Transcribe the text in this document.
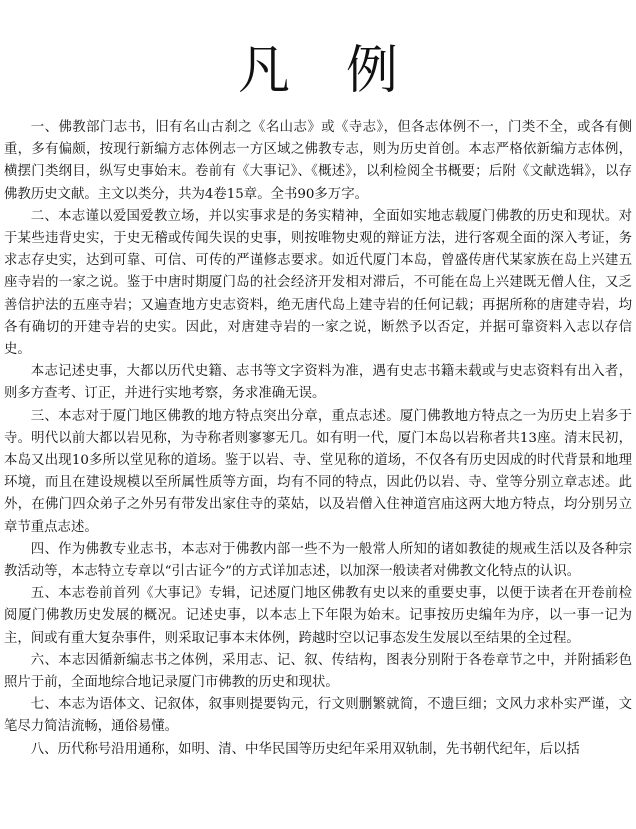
凡例

一、佛教部门志书，旧有名山古刹之《名山志》或《寺志》，但各志体例不一，门类不全，或各有侧重，多有偏颇，按现行新编方志体例志一方区域之佛教专志，则为历史首创。本志严格依新编方志体例，横摆门类纲目，纵写史事始末。卷前有《大事记》、《概述》，以利检阅全书概要；后附《文献选辑》，以存佛教历史文献。主文以类分，共为4卷15章。全书90多万字。

二、本志谨以爱国爱教立场，并以实事求是的务实精神，全面如实地志载厦门佛教的历史和现状。对于某些违背史实，于史无稽或传闻失误的史事，则按唯物史观的辩证方法，进行客观全面的深入考证，务求志存史实，达到可靠、可信、可传的严谨修志要求。如近代厦门本岛，曾盛传唐代某家族在岛上兴建五座寺岩的一家之说。鉴于中唐时期厦门岛的社会经济开发相对滞后，不可能在岛上兴建既无僧人住，又乏善信护法的五座寺岩；又遍查地方史志资料，绝无唐代岛上建寺岩的任何记载；再据所称的唐建寺岩，均各有确切的开建寺岩的史实。因此，对唐建寺岩的一家之说，断然予以否定，并据可靠资料入志以存信史。

本志记述史事，大都以历代史籍、志书等文字资料为准，遇有史志书籍未载或与史志资料有出入者，则多方查考、订正，并进行实地考察，务求准确无误。

三、本志对于厦门地区佛教的地方特点突出分章，重点志述。厦门佛教地方特点之一为历史上岩多于寺。明代以前大都以岩见称，为寺称者则寥寥无几。如有明一代，厦门本岛以岩称者共13座。清末民初，本岛又出现10多所以堂见称的道场。鉴于以岩、寺、堂见称的道场，不仅各有历史因成的时代背景和地理环境，而且在建设规模以至所属性质等方面，均有不同的特点，因此仍以岩、寺、堂等分别立章志述。此外，在佛门四众弟子之外另有带发出家住寺的菜姑，以及岩僧入住神道宫庙这两大地方特点，均分别另立章节重点志述。

四、作为佛教专业志书，本志对于佛教内部一些不为一般常人所知的诸如教徒的规戒生活以及各种宗教活动等，本志特立专章以“引古证今”的方式详加志述，以加深一般读者对佛教文化特点的认识。

五、本志卷前首列《大事记》专辑，记述厦门地区佛教有史以来的重要史事，以便于读者在开卷前检阅厦门佛教历史发展的概况。记述史事，以本志上下年限为始末。记事按历史编年为序，以一事一记为主，间或有重大复杂事件，则采取记事本末体例，跨越时空以记事态发生发展以至结果的全过程。

六、本志因循新编志书之体例，采用志、记、叙、传结构，图表分别附于各卷章节之中，并附插彩色照片于前，全面地综合地记录厦门市佛教的历史和现状。

七、本志为语体文、记叙体，叙事则提要钩元，行文则删繁就简，不遗巨细；文风力求朴实严谨，文笔尽力简洁流畅，通俗易懂。

八、历代称号沿用通称，如明、清、中华民国等历史纪年采用双轨制，先书朝代纪年，后以括
